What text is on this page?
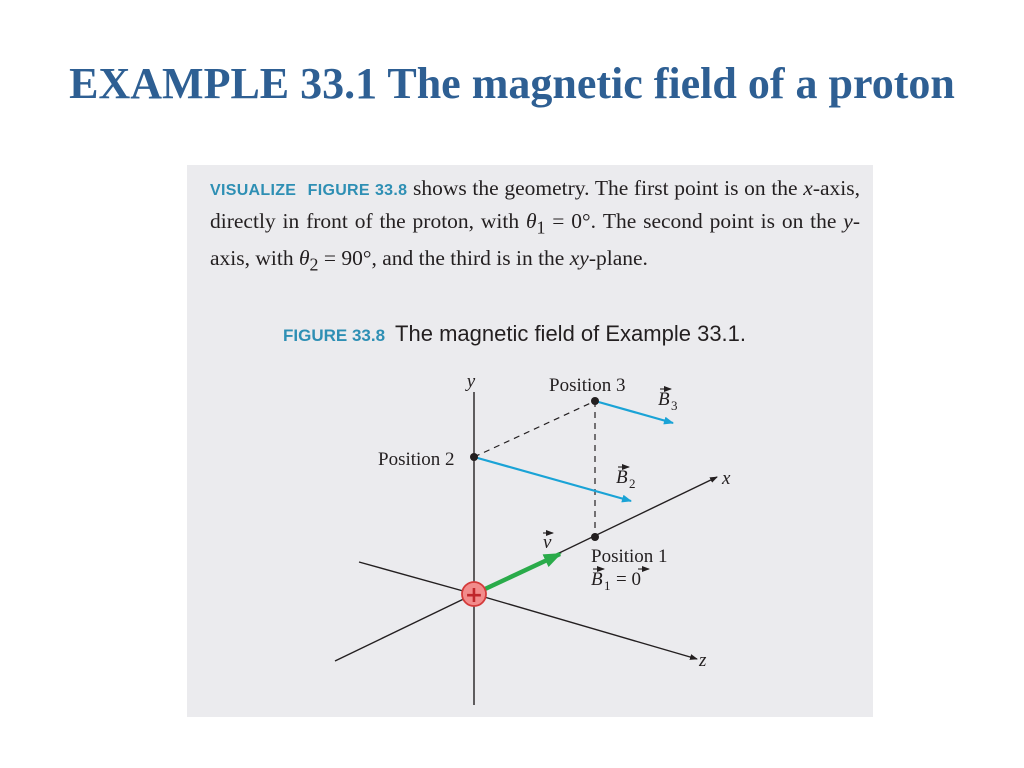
EXAMPLE 33.1 The magnetic field of a proton
VISUALIZE FIGURE 33.8 shows the geometry. The first point is on the x-axis, directly in front of the proton, with $\theta_1 = 0^\circ$. The second point is on the y-axis, with $\theta_2 = 90^\circ$, and the third is in the xy-plane.
FIGURE 33.8 The magnetic field of Example 33.1.
+
y
x
z
Position 3
Position 2
Position 1
B 3
B 2
B 1 = 0
v
